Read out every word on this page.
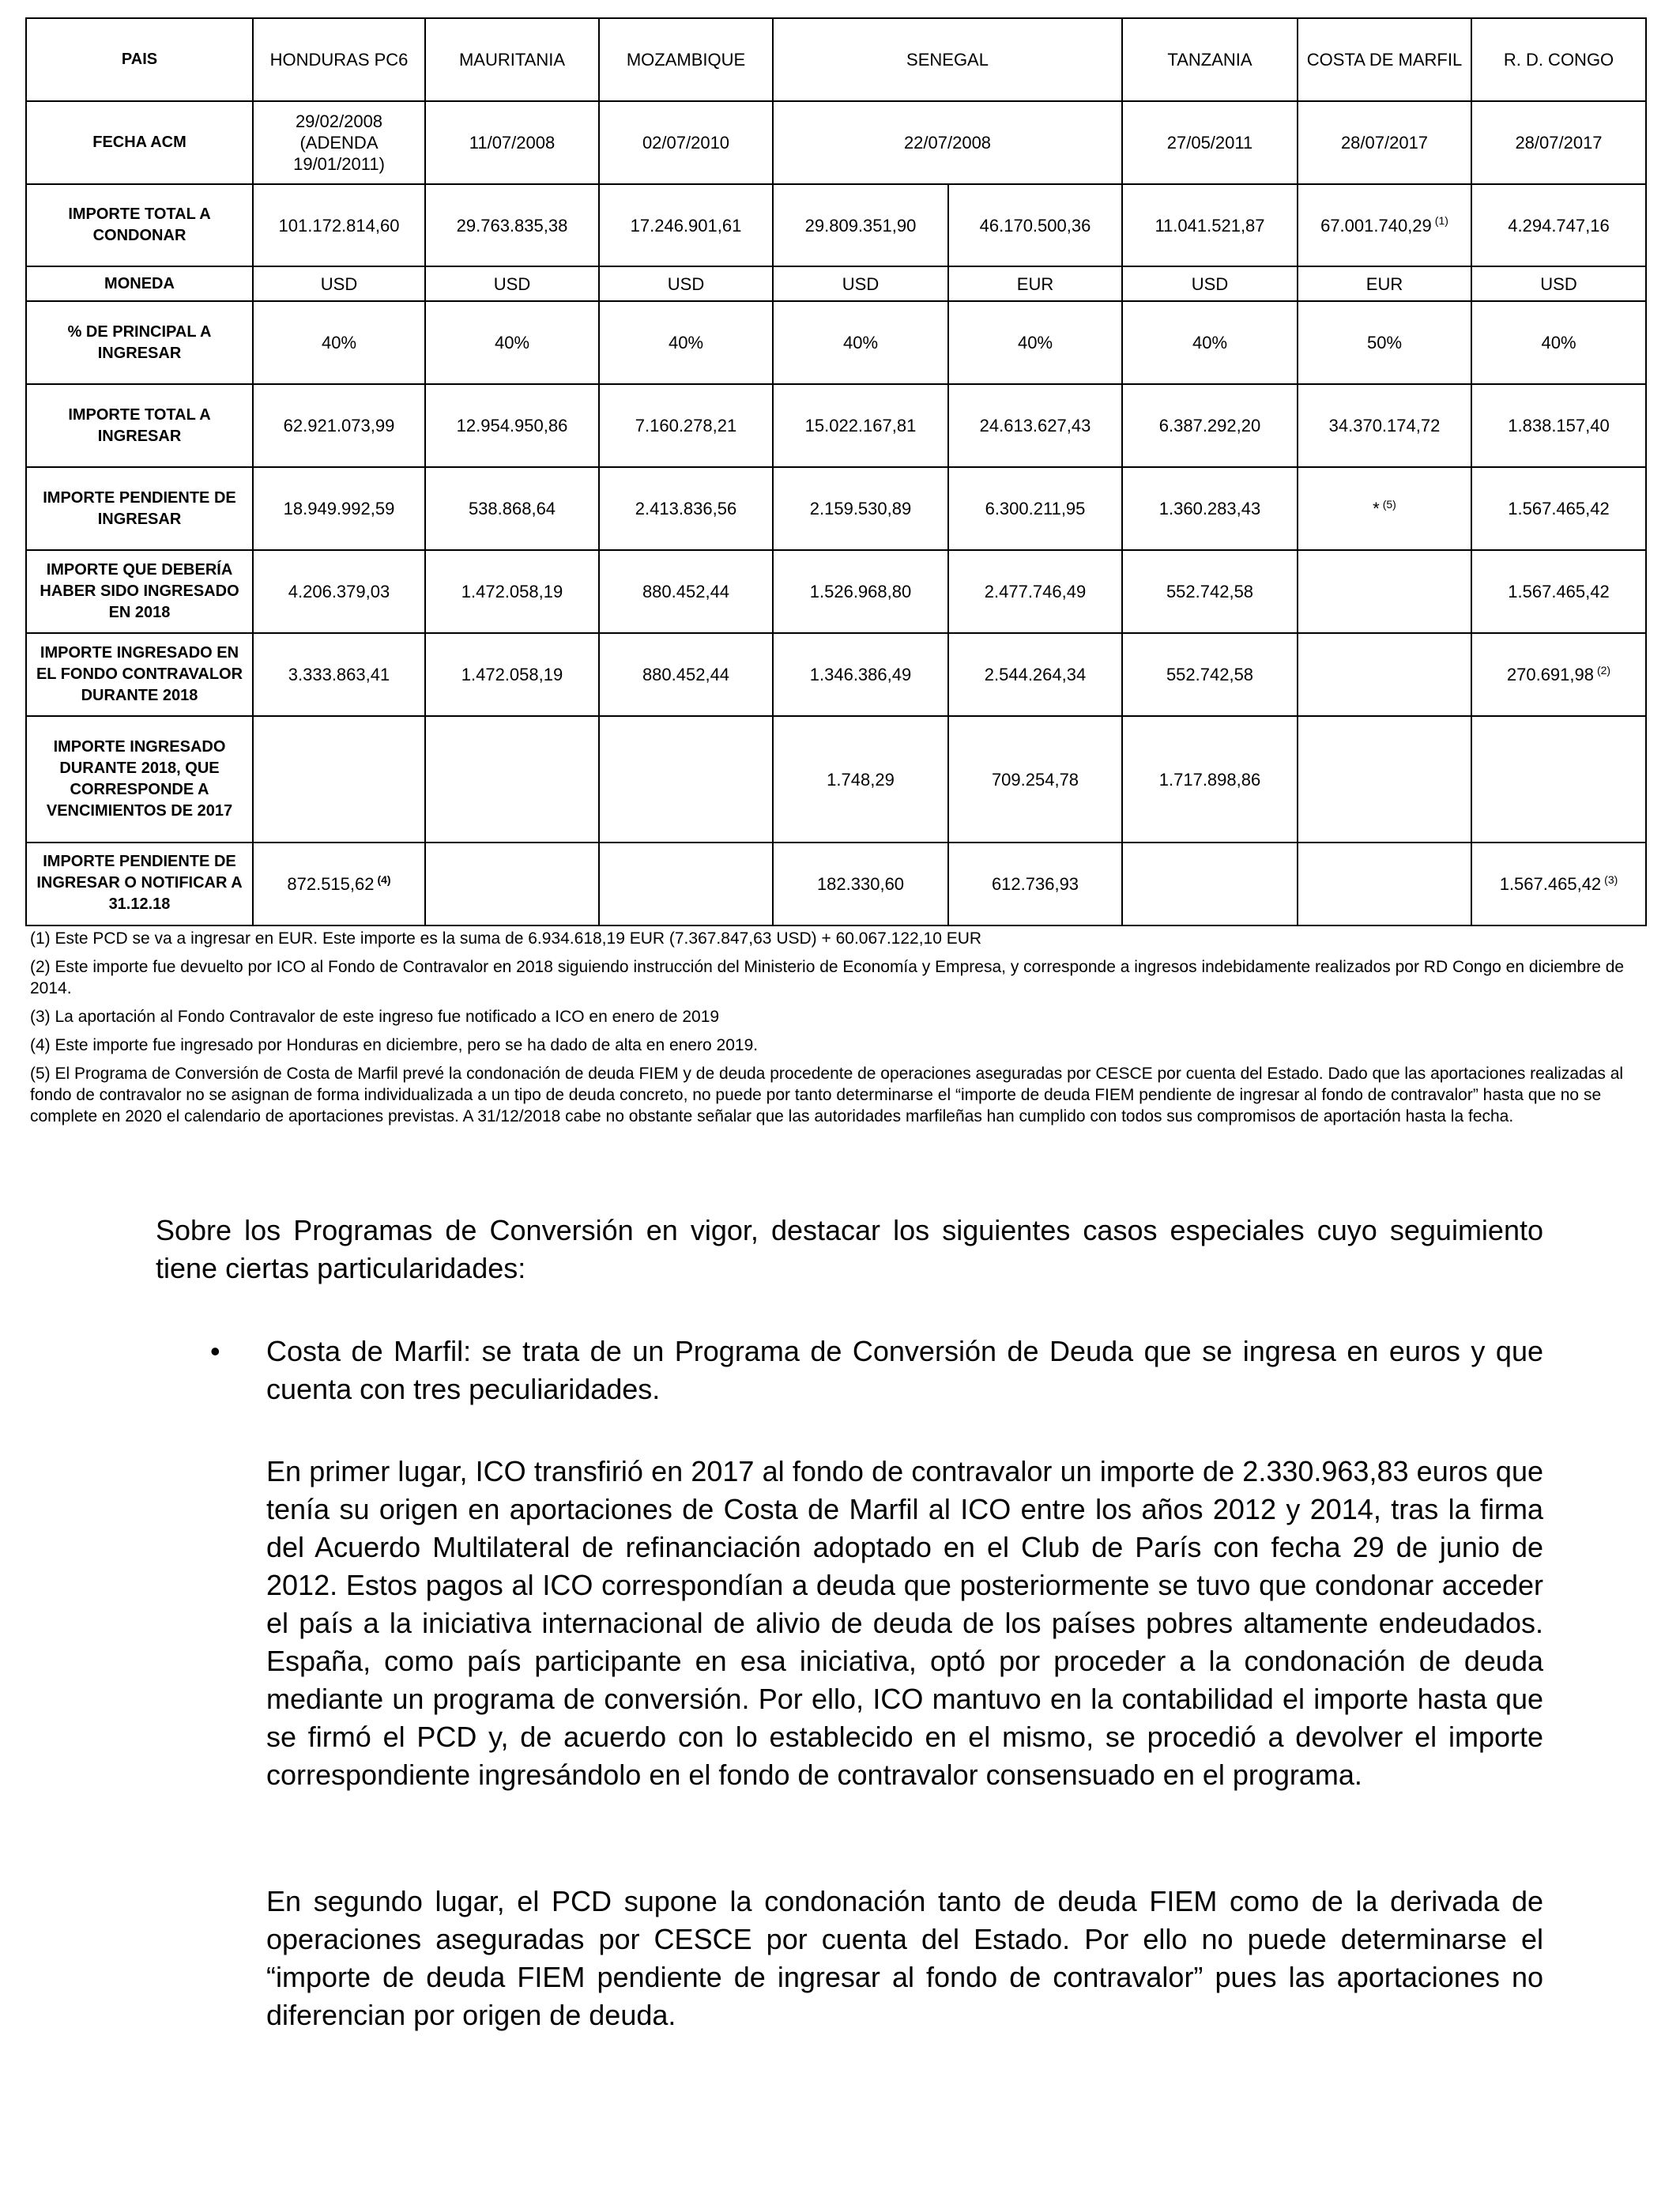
PAIS	HONDURAS PC6	MAURITANIA	MOZAMBIQUE	SENEGAL		TANZANIA	COSTA DE MARFIL	R. D. CONGO
FECHA ACM	29/02/2008 (ADENDA 19/01/2011)	11/07/2008	02/07/2010	22/07/2008		27/05/2011	28/07/2017	28/07/2017
IMPORTE TOTAL A CONDONAR	101.172.814,60	29.763.835,38	17.246.901,61	29.809.351,90	46.170.500,36	11.041.521,87	67.001.740,29 $^{(1)}$	4.294.747,16
MONEDA	USD	USD	USD	USD	EUR	USD	EUR	USD
% DE PRINCIPAL A INGRESAR	40%	40%	40%	40%	40%	40%	50%	40%
IMPORTE TOTAL A INGRESAR	62.921.073,99	12.954.950,86	7.160.278,21	15.022.167,81	24.613.627,43	6.387.292,20	34.370.174,72	1.838.157,40
IMPORTE PENDIENTE DE INGRESAR	18.949.992,59	538.868,64	2.413.836,56	2.159.530,89	6.300.211,95	1.360.283,43	* $^{(5)}$	1.567.465,42
IMPORTE QUE DEBERÍA HABER SIDO INGRESADO EN 2018	4.206.379,03	1.472.058,19	880.452,44	1.526.968,80	2.477.746,49	552.742,58		1.567.465,42
IMPORTE INGRESADO EN EL FONDO CONTRAVALOR DURANTE 2018	3.333.863,41	1.472.058,19	880.452,44	1.346.386,49	2.544.264,34	552.742,58		270.691,98 $^{(2)}$
IMPORTE INGRESADO DURANTE 2018, QUE CORRESPONDE A VENCIMIENTOS DE 2017				1.748,29	709.254,78	1.717.898,86		
IMPORTE PENDIENTE DE INGRESAR O NOTIFICAR A 31.12.18	872.515,62 $^{(4)}$			182.330,60	612.736,93			1.567.465,42 $^{(3)}$
(1) Este PCD se va a ingresar en EUR. Este importe es la suma de 6.934.618,19 EUR (7.367.847,63 USD) + 60.067.122,10 EUR
(2) Este importe fue devuelto por ICO al Fondo de Contravalor en 2018 siguiendo instrucción del Ministerio de Economía y Empresa, y corresponde a ingresos indebidamente realizados por RD Congo en diciembre de 2014.
(3) La aportación al Fondo Contravalor de este ingreso fue notificado a ICO en enero de 2019
(4) Este importe fue ingresado por Honduras en diciembre, pero se ha dado de alta en enero 2019.
(5) El Programa de Conversión de Costa de Marfil prevé la condonación de deuda FIEM y de deuda procedente de operaciones aseguradas por CESCE por cuenta del Estado. Dado que las aportaciones realizadas al fondo de contravalor no se asignan de forma individualizada a un tipo de deuda concreto, no puede por tanto determinarse el “importe de deuda FIEM pendiente de ingresar al fondo de contravalor” hasta que no se complete en 2020 el calendario de aportaciones previstas. A 31/12/2018 cabe no obstante señalar que las autoridades marfileñas han cumplido con todos sus compromisos de aportación hasta la fecha.
Sobre los Programas de Conversión en vigor, destacar los siguientes casos especiales cuyo seguimiento tiene ciertas particularidades:
• Costa de Marfil: se trata de un Programa de Conversión de Deuda que se ingresa en euros y que cuenta con tres peculiaridades.

En primer lugar, ICO transfirió en 2017 al fondo de contravalor un importe de 2.330.963,83 euros que tenía su origen en aportaciones de Costa de Marfil al ICO entre los años 2012 y 2014, tras la firma del Acuerdo Multilateral de refinanciación adoptado en el Club de París con fecha 29 de junio de 2012. Estos pagos al ICO correspondían a deuda que posteriormente se tuvo que condonar acceder el país a la iniciativa internacional de alivio de deuda de los países pobres altamente endeudados. España, como país participante en esa iniciativa, optó por proceder a la condonación de deuda mediante un programa de conversión. Por ello, ICO mantuvo en la contabilidad el importe hasta que se firmó el PCD y, de acuerdo con lo establecido en el mismo, se procedió a devolver el importe correspondiente ingresándolo en el fondo de contravalor consensuado en el programa.

En segundo lugar, el PCD supone la condonación tanto de deuda FIEM como de la derivada de operaciones aseguradas por CESCE por cuenta del Estado. Por ello no puede determinarse el “importe de deuda FIEM pendiente de ingresar al fondo de contravalor” pues las aportaciones no diferencian por origen de deuda.
